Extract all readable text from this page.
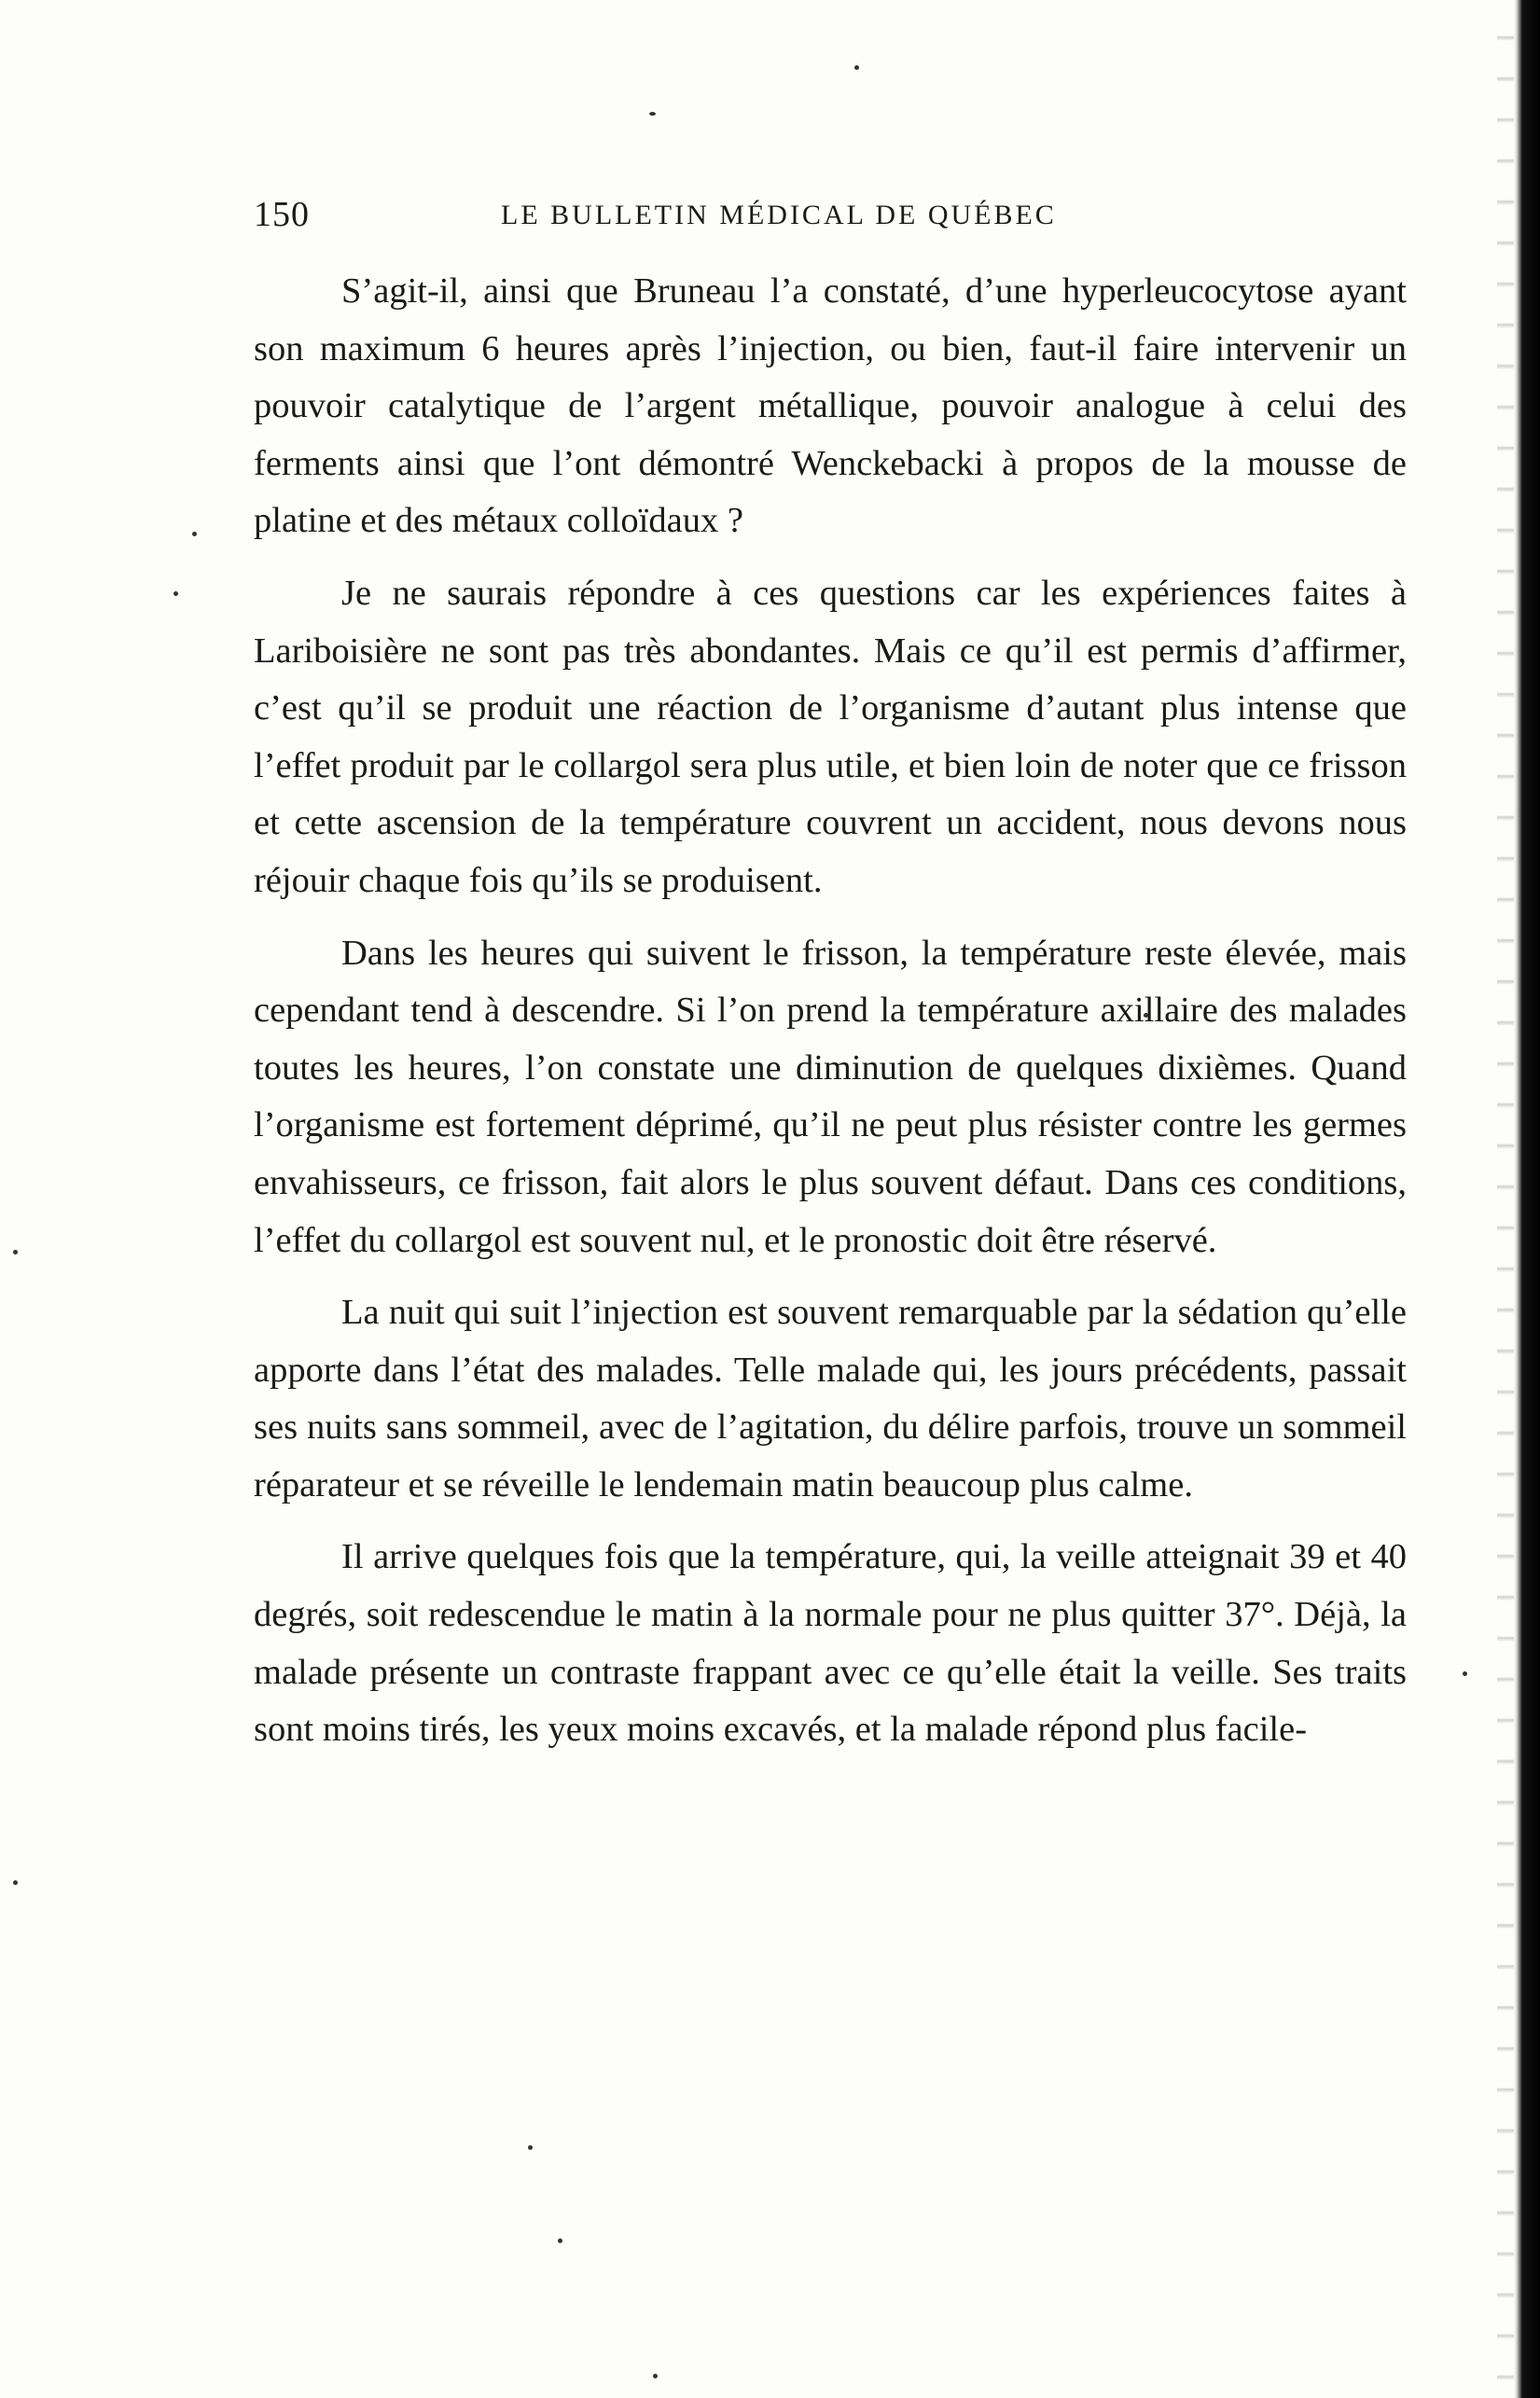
150	LE BULLETIN MÉDICAL DE QUÉBEC

S’agit-il, ainsi que Bruneau l’a constaté, d’une hyperleucocytose ayant son maximum 6 heures après l’injection, ou bien, faut-il faire intervenir un pouvoir catalytique de l’argent métallique, pouvoir analogue à celui des ferments ainsi que l’ont démontré Wenckebacki à propos de la mousse de platine et des métaux colloïdaux ?

Je ne saurais répondre à ces questions car les expériences faites à Lariboisière ne sont pas très abondantes. Mais ce qu’il est permis d’affirmer, c’est qu’il se produit une réaction de l’organisme d’autant plus intense que l’effet produit par le collargol sera plus utile, et bien loin de noter que ce frisson et cette ascension de la température couvrent un accident, nous devons nous réjouir chaque fois qu’ils se produisent.

Dans les heures qui suivent le frisson, la température reste élevée, mais cependant tend à descendre. Si l’on prend la température axillaire des malades toutes les heures, l’on constate une diminution de quelques dixièmes. Quand l’organisme est fortement déprimé, qu’il ne peut plus résister contre les germes envahisseurs, ce frisson, fait alors le plus souvent défaut. Dans ces conditions, l’effet du collargol est souvent nul, et le pronostic doit être réservé.

La nuit qui suit l’injection est souvent remarquable par la sédation qu’elle apporte dans l’état des malades. Telle malade qui, les jours précédents, passait ses nuits sans sommeil, avec de l’agitation, du délire parfois, trouve un sommeil réparateur et se réveille le lendemain matin beaucoup plus calme.

Il arrive quelques fois que la température, qui, la veille atteignait 39 et 40 degrés, soit redescendue le matin à la normale pour ne plus quitter 37°. Déjà, la malade présente un contraste frappant avec ce qu’elle était la veille. Ses traits sont moins tirés, les yeux moins excavés, et la malade répond plus facile-
